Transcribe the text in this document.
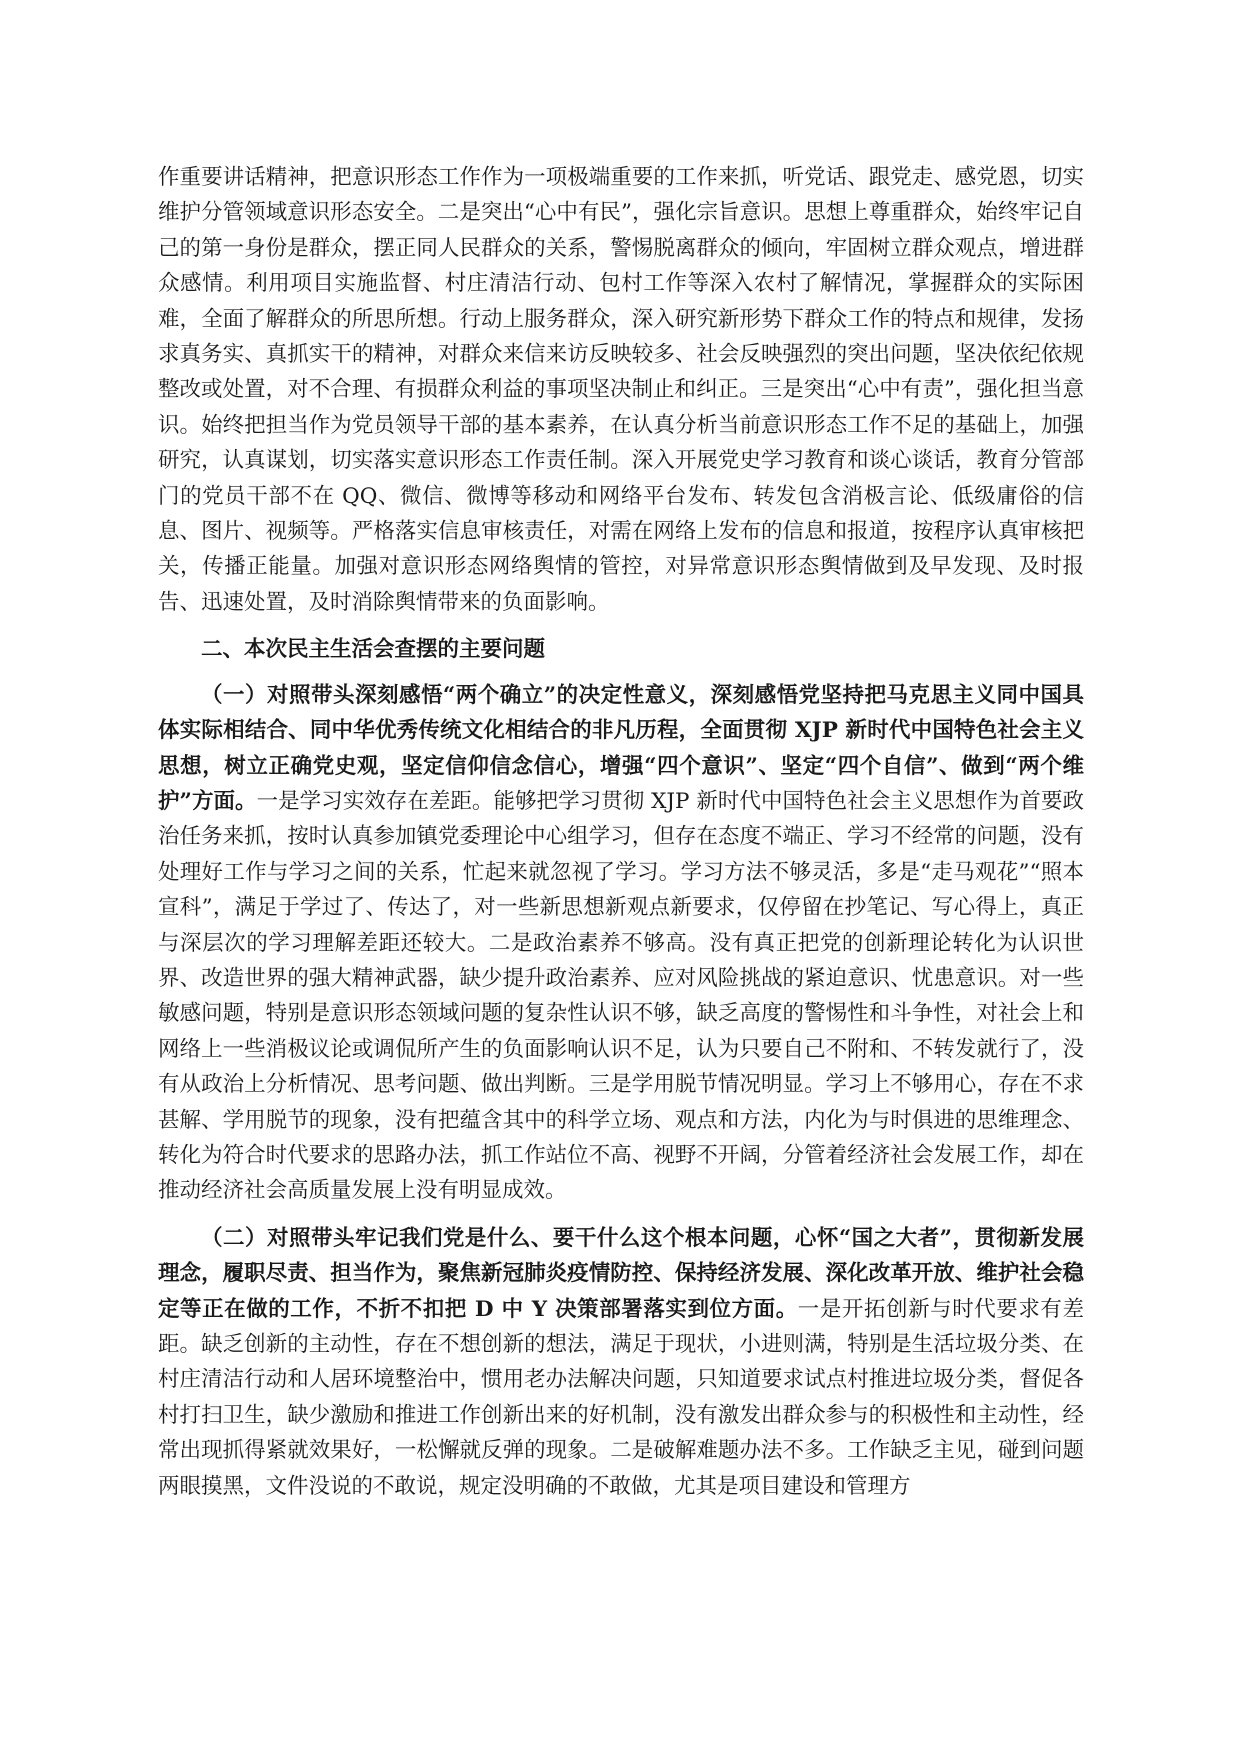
作重要讲话精神，把意识形态工作作为一项极端重要的工作来抓，听党话、跟党走、感党恩，切实维护分管领域意识形态安全。二是突出“心中有民”，强化宗旨意识。思想上尊重群众，始终牢记自己的第一身份是群众，摆正同人民群众的关系，警惕脱离群众的倾向，牢固树立群众观点，增进群众感情。利用项目实施监督、村庄清洁行动、包村工作等深入农村了解情况，掌握群众的实际困难，全面了解群众的所思所想。行动上服务群众，深入研究新形势下群众工作的特点和规律，发扬求真务实、真抓实干的精神，对群众来信来访反映较多、社会反映强烈的突出问题，坚决依纪依规整改或处置，对不合理、有损群众利益的事项坚决制止和纠正。三是突出“心中有责”，强化担当意识。始终把担当作为党员领导干部的基本素养，在认真分析当前意识形态工作不足的基础上，加强研究，认真谋划，切实落实意识形态工作责任制。深入开展党史学习教育和谈心谈话，教育分管部门的党员干部不在 QQ、微信、微博等移动和网络平台发布、转发包含消极言论、低级庸俗的信息、图片、视频等。严格落实信息审核责任，对需在网络上发布的信息和报道，按程序认真审核把关，传播正能量。加强对意识形态网络舆情的管控，对异常意识形态舆情做到及早发现、及时报告、迅速处置，及时消除舆情带来的负面影响。

二、本次民主生活会查摆的主要问题

（一）对照带头深刻感悟“两个确立”的决定性意义，深刻感悟党坚持把马克思主义同中国具体实际相结合、同中华优秀传统文化相结合的非凡历程，全面贯彻 XJP 新时代中国特色社会主义思想，树立正确党史观，坚定信仰信念信心，增强“四个意识”、坚定“四个自信”、做到“两个维护”方面。一是学习实效存在差距。能够把学习贯彻 XJP 新时代中国特色社会主义思想作为首要政治任务来抓，按时认真参加镇党委理论中心组学习，但存在态度不端正、学习不经常的问题，没有处理好工作与学习之间的关系，忙起来就忽视了学习。学习方法不够灵活，多是“走马观花”“照本宣科”，满足于学过了、传达了，对一些新思想新观点新要求，仅停留在抄笔记、写心得上，真正与深层次的学习理解差距还较大。二是政治素养不够高。没有真正把党的创新理论转化为认识世界、改造世界的强大精神武器，缺少提升政治素养、应对风险挑战的紧迫意识、忧患意识。对一些敏感问题，特别是意识形态领域问题的复杂性认识不够，缺乏高度的警惕性和斗争性，对社会上和网络上一些消极议论或调侃所产生的负面影响认识不足，认为只要自己不附和、不转发就行了，没有从政治上分析情况、思考问题、做出判断。三是学用脱节情况明显。学习上不够用心，存在不求甚解、学用脱节的现象，没有把蕴含其中的科学立场、观点和方法，内化为与时俱进的思维理念、转化为符合时代要求的思路办法，抓工作站位不高、视野不开阔，分管着经济社会发展工作，却在推动经济社会高质量发展上没有明显成效。

（二）对照带头牢记我们党是什么、要干什么这个根本问题，心怀“国之大者”，贯彻新发展理念，履职尽责、担当作为，聚焦新冠肺炎疫情防控、保持经济发展、深化改革开放、维护社会稳定等正在做的工作，不折不扣把 D 中 Y 决策部署落实到位方面。一是开拓创新与时代要求有差距。缺乏创新的主动性，存在不想创新的想法，满足于现状，小进则满，特别是生活垃圾分类、在村庄清洁行动和人居环境整治中，惯用老办法解决问题，只知道要求试点村推进垃圾分类，督促各村打扫卫生，缺少激励和推进工作创新出来的好机制，没有激发出群众参与的积极性和主动性，经常出现抓得紧就效果好，一松懈就反弹的现象。二是破解难题办法不多。工作缺乏主见，碰到问题两眼摸黑，文件没说的不敢说，规定没明确的不敢做，尤其是项目建设和管理方
